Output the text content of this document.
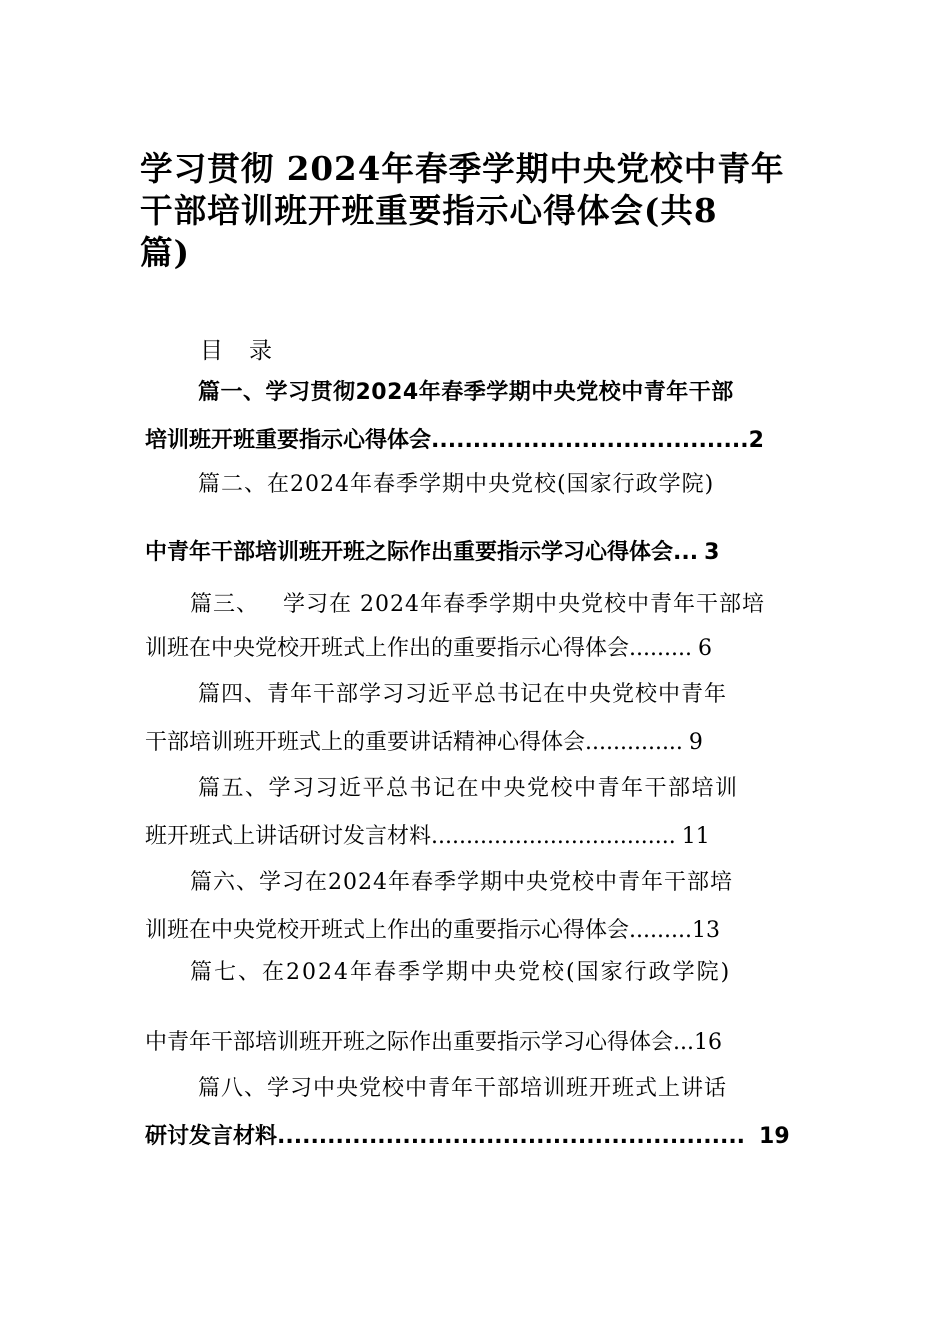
学习贯彻 2024年春季学期中央党校中青年
干部培训班开班重要指示心得体会(共8
篇)
目录
篇一、学习贯彻2024年春季学期中央党校中青年干部
培训班开班重要指示心得体会 ...................................... 2
篇二、在2024年春季学期中央党校(国家行政学院)
中青年干部培训班开班之际作出重要指示学习心得体会 ... 3
篇三、   学习在 2024年春季学期中央党校中青年干部培
训班在中央党校开班式上作出的重要指示心得体会 ......... 6
篇四、青年干部学习习近平总书记在中央党校中青年
干部培训班开班式上的重要讲话精神心得体会 .............. 9
篇五、学习习近平总书记在中央党校中青年干部培训
班开班式上讲话研讨发言材料 ................................... 11
篇六、学习在2024年春季学期中央党校中青年干部培
训班在中央党校开班式上作出的重要指示心得体会 ......... 13
篇七、在2024年春季学期中央党校(国家行政学院)
中青年干部培训班开班之际作出重要指示学习心得体会 ... 16
篇八、学习中央党校中青年干部培训班开班式上讲话
研讨发言材料 ........................................................ 19
